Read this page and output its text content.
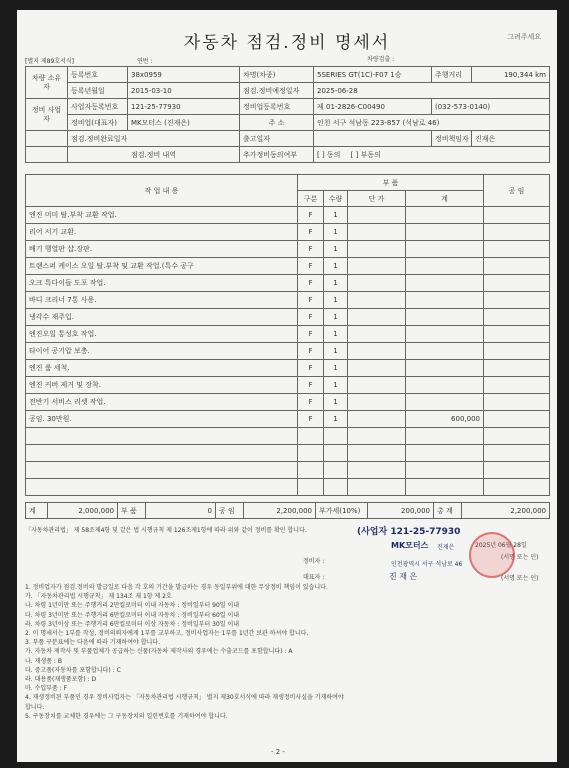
자동차 점검.정비 명세서	그려주세요
[별지 제89호서식]	연번 :	차량검출 :
차량 소유자	등록번호	38x0959	차명(차종)	5SERIES GT(1C)-F07 1승	주행거리	190,344 km
	등록년월일	2015-03-10	점검.정비예정일자	2025-06-28		
정비 사업자	사업자등록번호	121-25-77930	정비업등록번호	제 01-2826-C00490	(032-573-0140)	
	정비업(대표자)	MK모터스 (진재은)	주 소	인천 서구 석남동 223-857 (석남로 46)		
	점검.정비완료일자		출고일자		정비책임자	진재은
	점검.정비 내역		추가정비동의여부	[ ] 동의 [ ] 부동의		
작 업 내 용	부 품				공 임
	구분	수량	단 가	계	
엔진 미미 탈.부착 교환 작업.	F	1			
리어 서기 교환.	F	1			
배기 행열판 샵.장판.	F	1			
트랜스퍼 케이스 오일 탈.부착 및 교환 작업.(특수 공구	F	1			
오크 특다이들 도포 작업.	F	1			
바디 크리너 7통 사용.	F	1			
냉각수 재주입.	F	1			
엔진오일 통성호 작업.	F	1			
타이어 공기압 보충.	F	1			
엔진 룸 세척.	F	1			
엔진 커버 제거 및 장착.	F	1			
전반기 서비스 리셋 작업.	F	1			
공임. 30만원.	F	1		600,000	

계	2,000,000	부 품	0	공 임	2,200,000	부가세(10%)	200,000	총 계	2,200,000
「자동차관리법」 제 58조제4항 및 같은 법 시행규칙 제 126조제1항에 따라 위와 같이 정비를 확인 합니다.	(사업자 121-25-77930
MK모터스 진재은	2025년 06월 28일
(서명 또는 인)
인천광역시 서구 석남로 46
정비자 :
대표자 :	진 재 은	(서명 또는 인)
1. 정비업자가 점검.정비의 발급일로 다음 각 호의 기간을 발급하는 경우 동일부위에 대한 무상정비 책임이 있습니다.
가. 「자동차관리법 시행규칙」 제 134조 제 1항 제 2호
나. 차령 1년미만 또는 주행거리 2만킬로미터 이내 자동차 : 정비일부터 90일 이내
다. 차령 3년미만 또는 주행거리 6만킬로미터 이내 자동차 : 정비일부터 60일 이내
라. 차령 3년이상 또는 주행거리 6만킬로미터 이상 자동차 : 정비일부터 30일 이내
2. 이 명세서는 1부를 작성, 정비의뢰자에게 1부를 교부하고, 정비사업자는 1부를 1년간 보관 하셔야 합니다.
3. 부품 구분표에는 다음에 따라 기재하여야 합니다.
가. 자동차 제작사 및 부품업체가 공급하는 신품(자동차 제작사의 경우에는 수출코드를 포함합니다) : A
나. 재생품 : B
다. 중고품(자동차를 포함합니다) : C
라. 대용품(재생품포함) : D
마. 수입부품 : F
4. 재생정비된 부품인 경우 정비사업자는 「자동차관리법 시행규칙」 별지 제30호서식에 따라 재생정비사실을 기재하여야
합니다.
5. 구동장치를 교체한 경우에는 그 구동장치의 일련번호를 기재하여야 합니다.
- 2 -
